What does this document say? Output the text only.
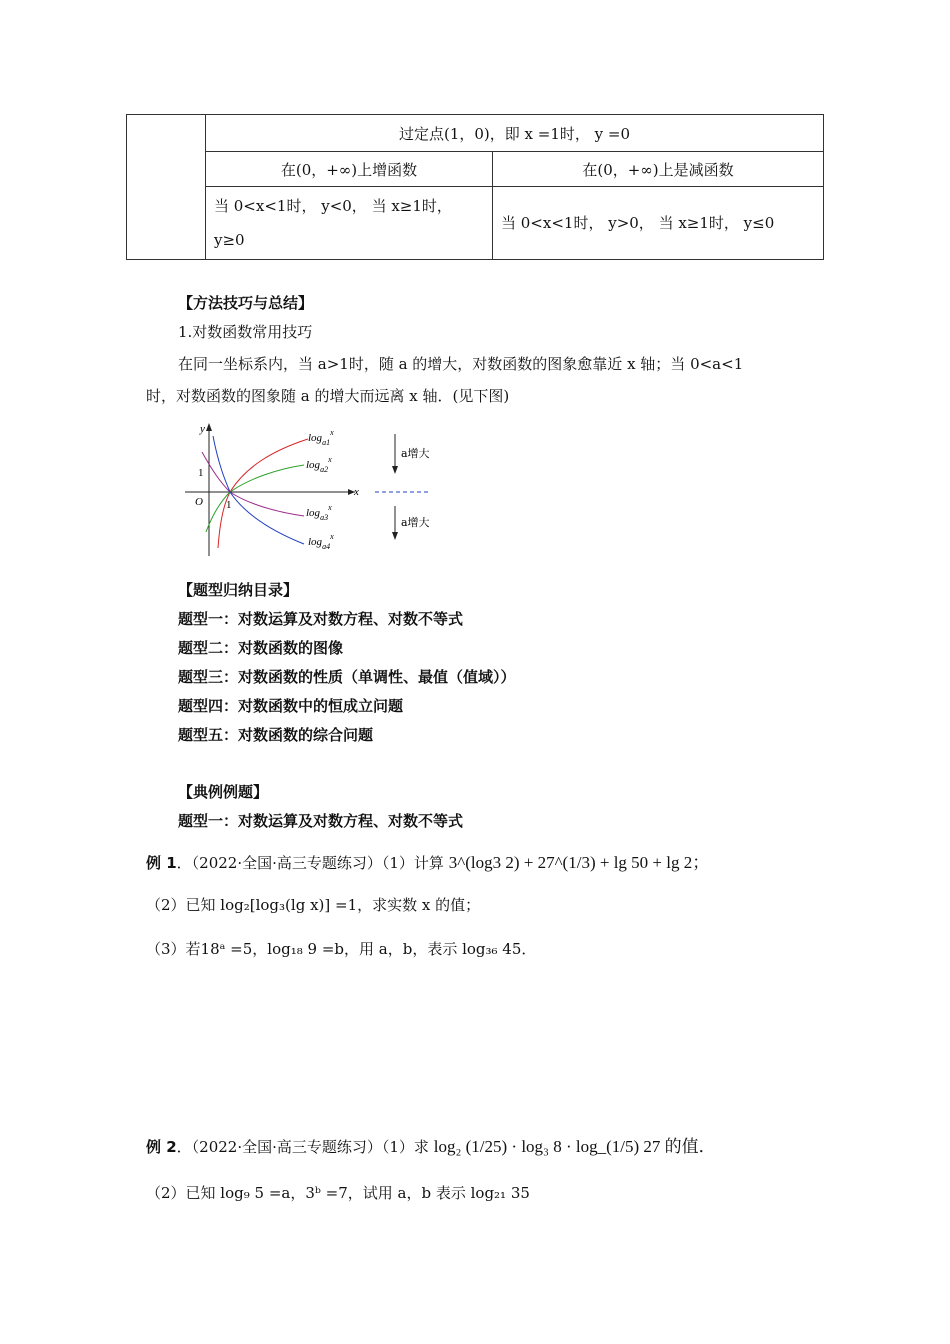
	过定点(1，0)，即 x =1时， y =0	
	在(0，+∞)上增函数	在(0，+∞)上是减函数
	当 0<x<1时， y<0， 当 x≥1时， y≥0	当 0<x<1时， y>0， 当 x≥1时， y≤0
【方法技巧与总结】
1.对数函数常用技巧
在同一坐标系内，当 a>1时，随 a 的增大，对数函数的图象愈靠近 x 轴；当 0<a<1
时，对数函数的图象随 a 的增大而远离 x 轴．(见下图)
y
x
O
1
1
$\log_{a1}^x$
$\log_{a2}^x$
$\log_{a3}^x$
$\log_{a4}^x$
a增大
a增大
【题型归纳目录】
题型一：对数运算及对数方程、对数不等式
题型二：对数函数的图像
题型三：对数函数的性质（单调性、最值（值域））
题型四：对数函数中的恒成立问题
题型五：对数函数的综合问题
【典例例题】
题型一：对数运算及对数方程、对数不等式
例 1．（2022·全国·高三专题练习）（1）计算 3^(log3 2) + 27^(1/3) + lg 50 + lg 2；
（2）已知 log₂[log₃(lg x)] =1，求实数 x 的值；
（3）若18ᵃ =5，log₁₈ 9 =b，用 a，b，表示 log₃₆ 45．
例 2．（2022·全国·高三专题练习）（1）求 log₂ (1/25) · log₃ 8 · log_(1/5) 27 的值．
（2）已知 log₉ 5 =a，3ᵇ =7，试用 a，b 表示 log₂₁ 35
